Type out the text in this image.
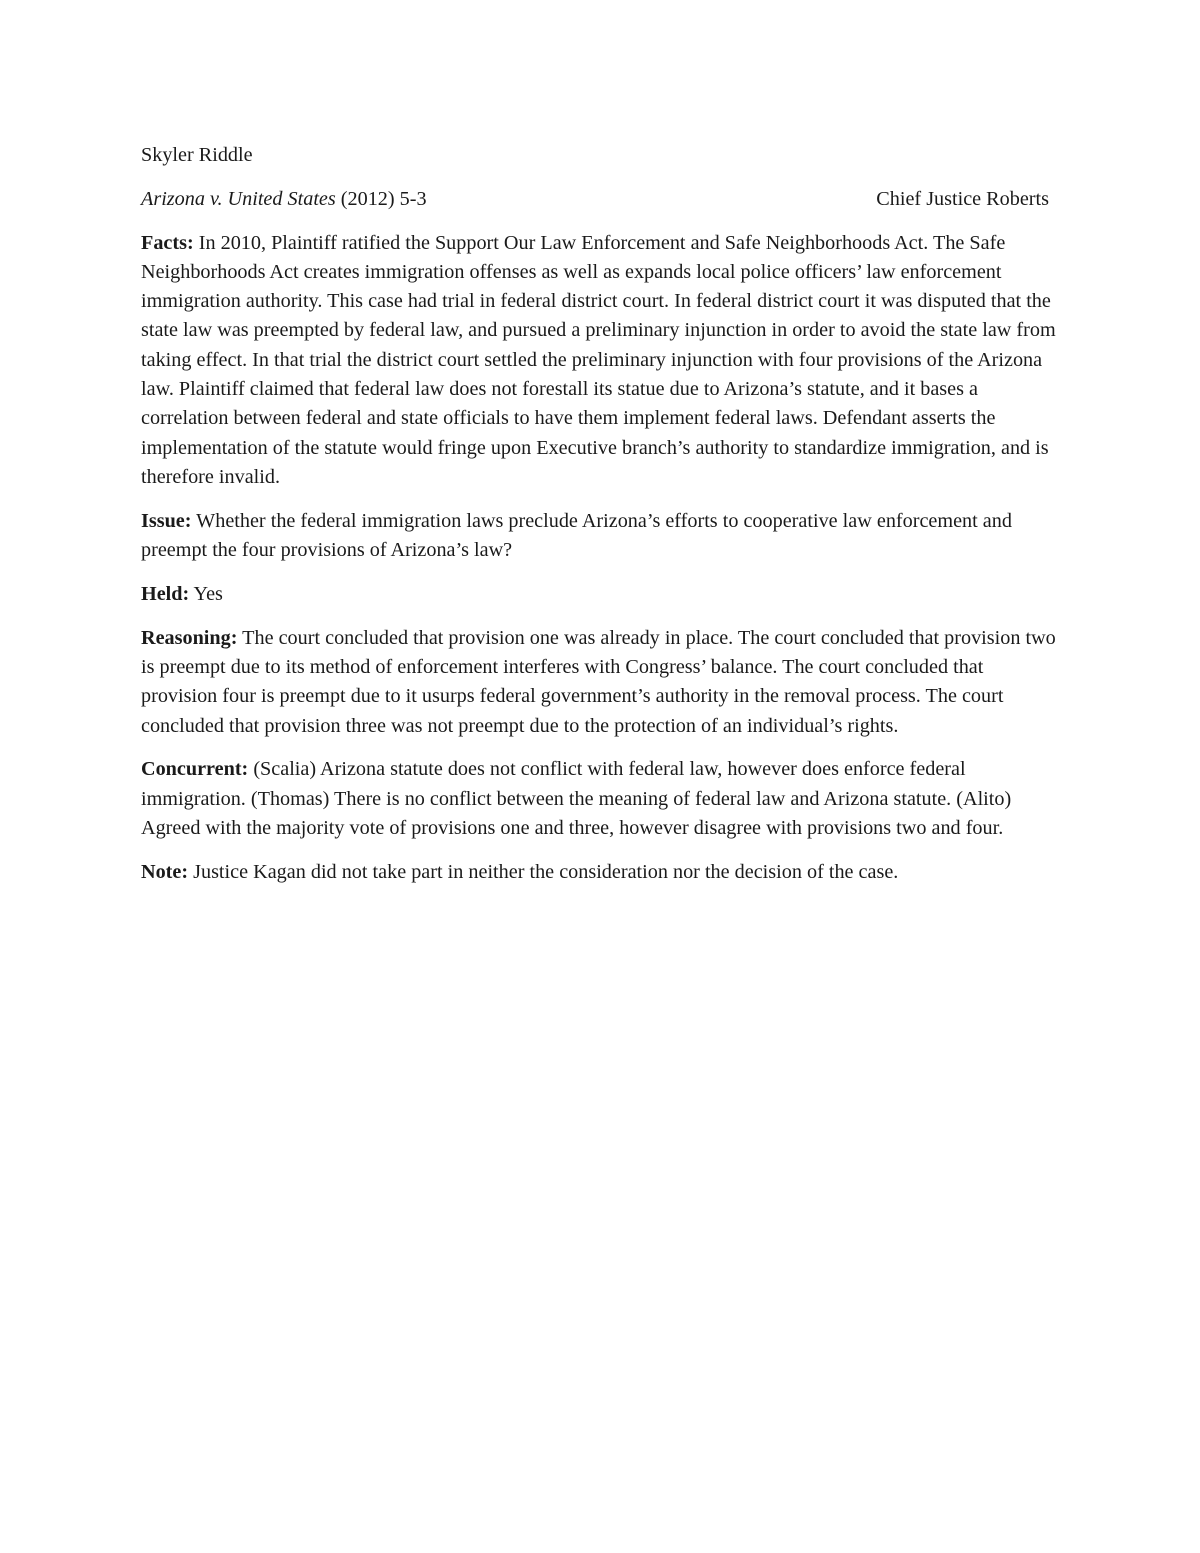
Skyler Riddle
Arizona v. United States (2012) 5-3	Chief Justice Roberts

Facts: In 2010, Plaintiff ratified the Support Our Law Enforcement and Safe Neighborhoods Act. The Safe Neighborhoods Act creates immigration offenses as well as expands local police officers’ law enforcement immigration authority. This case had trial in federal district court. In federal district court it was disputed that the state law was preempted by federal law, and pursued a preliminary injunction in order to avoid the state law from taking effect. In that trial the district court settled the preliminary injunction with four provisions of the Arizona law. Plaintiff claimed that federal law does not forestall its statue due to Arizona’s statute, and it bases a correlation between federal and state officials to have them implement federal laws. Defendant asserts the implementation of the statute would fringe upon Executive branch’s authority to standardize immigration, and is therefore invalid.

Issue: Whether the federal immigration laws preclude Arizona’s efforts to cooperative law enforcement and preempt the four provisions of Arizona’s law?

Held: Yes

Reasoning: The court concluded that provision one was already in place. The court concluded that provision two is preempt due to its method of enforcement interferes with Congress’ balance. The court concluded that provision four is preempt due to it usurps federal government’s authority in the removal process. The court concluded that provision three was not preempt due to the protection of an individual’s rights.

Concurrent: (Scalia) Arizona statute does not conflict with federal law, however does enforce federal immigration. (Thomas) There is no conflict between the meaning of federal law and Arizona statute. (Alito) Agreed with the majority vote of provisions one and three, however disagree with provisions two and four.

Note: Justice Kagan did not take part in neither the consideration nor the decision of the case.
